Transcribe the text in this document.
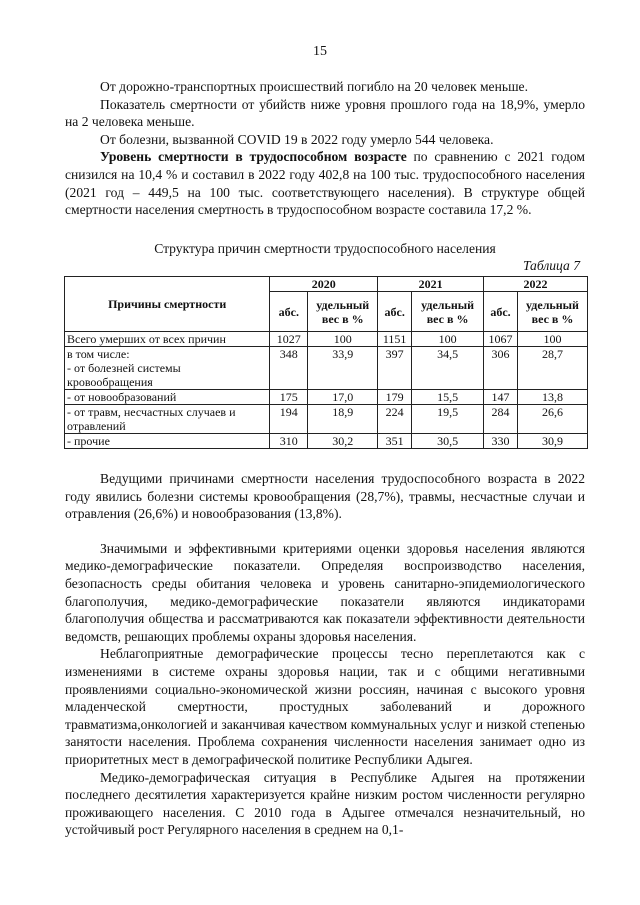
15

От дорожно-транспортных происшествий погибло на 20 человек меньше.

Показатель смертности от убийств ниже уровня прошлого года на 18,9%, умерло на 2 человека меньше.

От болезни, вызванной COVID 19 в 2022 году умерло 544 человека.

Уровень смертности в трудоспособном возрасте по сравнению с 2021 годом снизился на 10,4 % и составил в 2022 году 402,8 на 100 тыс. трудоспособного населения (2021 год – 449,5 на 100 тыс. соответствующего населения). В структуре общей смертности населения смертность в трудоспособном возрасте составила 17,2 %.

Структура причин смертности трудоспособного населения
Таблица 7
Причины смертности	2020		2021		2022	
	абс.	удельный вес в %	абс.	удельный вес в %	абс.	удельный вес в %
Всего умерших от всех причин	1027	100	1151	100	1067	100
в том числе:
- от болезней системы кровообращения	348	33,9	397	34,5	306	28,7
- от новообразований	175	17,0	179	15,5	147	13,8
- от травм, несчастных случаев и отравлений	194	18,9	224	19,5	284	26,6
- прочие	310	30,2	351	30,5	330	30,9

Ведущими причинами смертности населения трудоспособного возраста в 2022 году явились болезни системы кровообращения (28,7%), травмы, несчастные случаи и отравления (26,6%) и новообразования (13,8%).

Значимыми и эффективными критериями оценки здоровья населения являются медико-демографические показатели. Определяя воспроизводство населения, безопасность среды обитания человека и уровень санитарно-эпидемиологического благополучия, медико-демографические показатели являются индикаторами благополучия общества и рассматриваются как показатели эффективности деятельности ведомств, решающих проблемы охраны здоровья населения.

Неблагоприятные демографические процессы тесно переплетаются как с изменениями в системе охраны здоровья нации, так и с общими негативными проявлениями социально-экономической жизни россиян, начиная с высокого уровня младенческой смертности, простудных заболеваний и дорожного травматизма,онкологией и заканчивая качеством коммунальных услуг и низкой степенью занятости населения. Проблема сохранения численности населения занимает одно из приоритетных мест в демографической политике Республики Адыгея.

Медико-демографическая ситуация в Республике Адыгея на протяжении последнего десятилетия характеризуется крайне низким ростом численности регулярно проживающего населения. С 2010 года в Адыгее отмечался незначительный, но устойчивый рост Регулярного населения в среднем на 0,1-
